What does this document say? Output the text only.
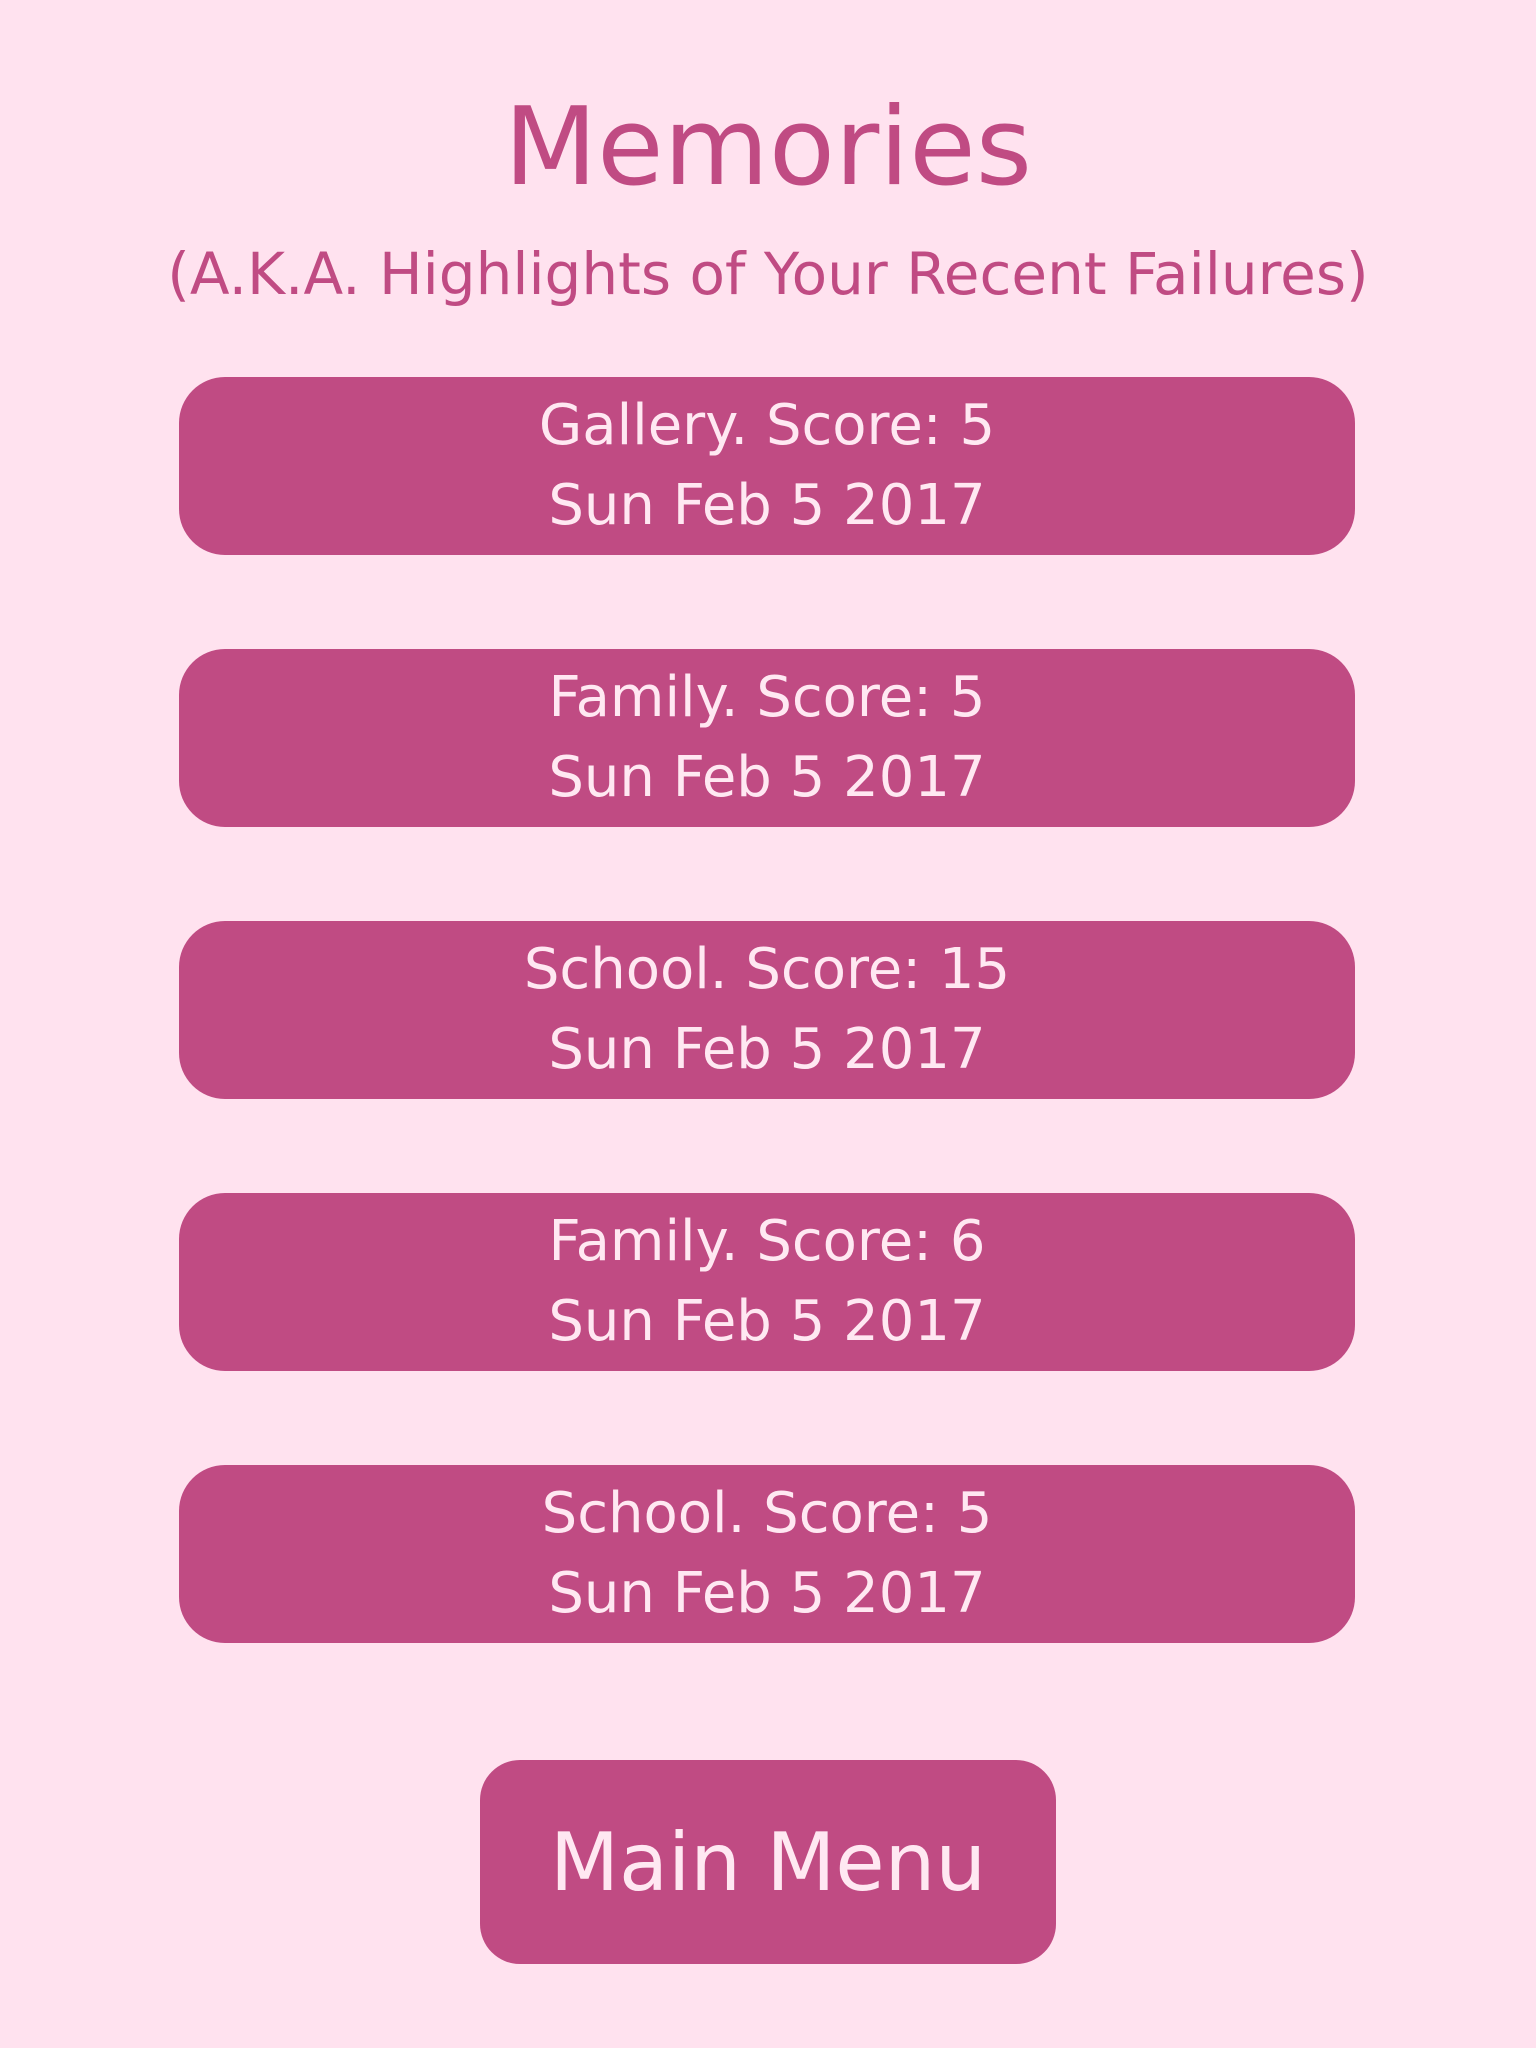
Memories
(A.K.A. Highlights of Your Recent Failures)
Gallery. Score: 5
Sun Feb 5 2017
Family. Score: 5
Sun Feb 5 2017
School. Score: 15
Sun Feb 5 2017
Family. Score: 6
Sun Feb 5 2017
School. Score: 5
Sun Feb 5 2017
Main Menu
